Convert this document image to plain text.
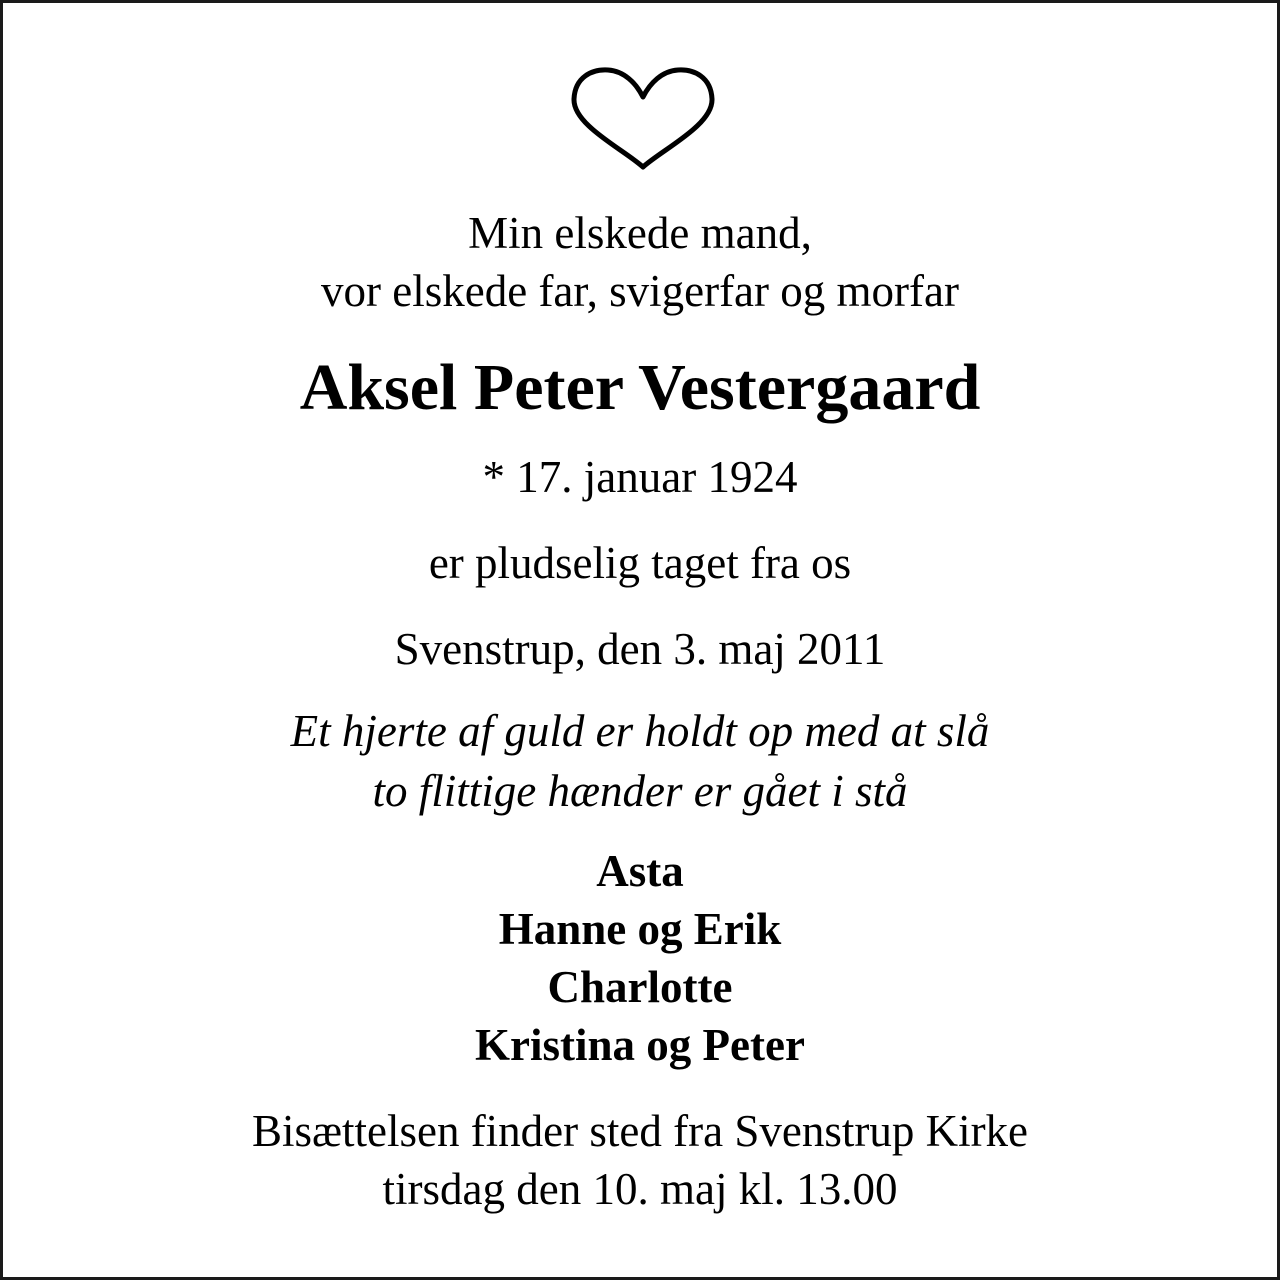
Min elskede mand,
vor elskede far, svigerfar og morfar
Aksel Peter Vestergaard
* 17. januar 1924
er pludselig taget fra os
Svenstrup, den 3. maj 2011
Et hjerte af guld er holdt op med at slå
to flittige hænder er gået i stå
Asta
Hanne og Erik
Charlotte
Kristina og Peter
Bisættelsen finder sted fra Svenstrup Kirke
tirsdag den 10. maj kl. 13.00
